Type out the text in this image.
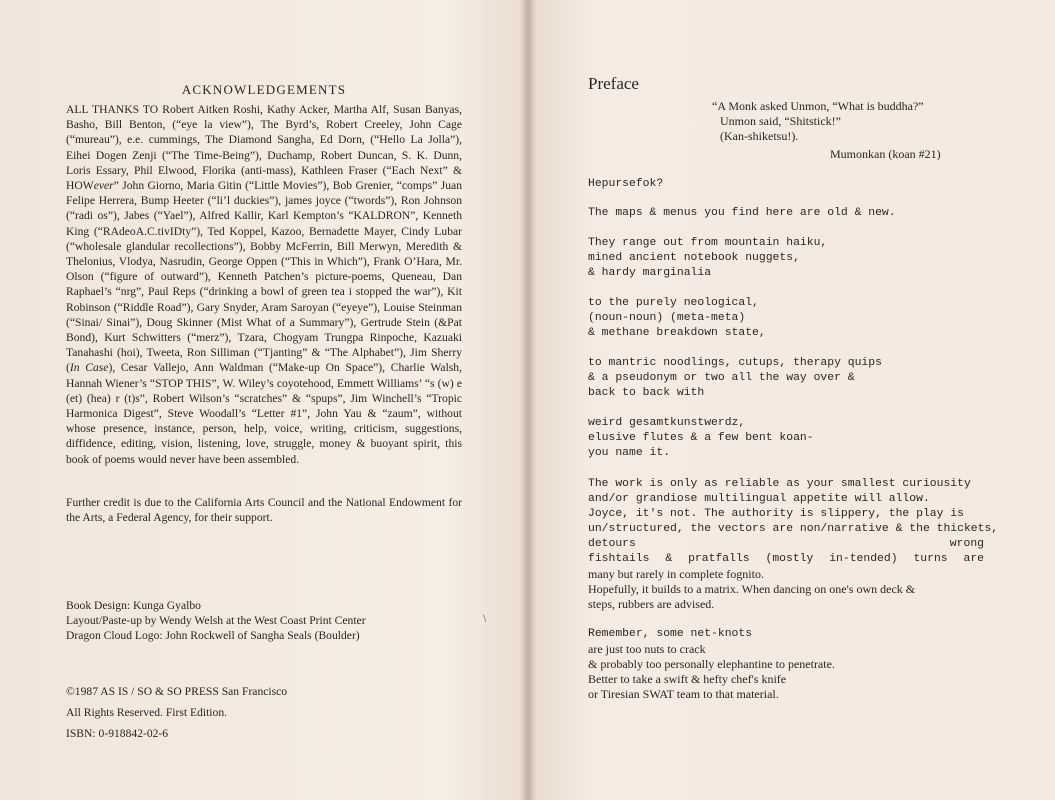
ACKNOWLEDGEMENTS

ALL THANKS TO Robert Aitken Roshi, Kathy Acker, Martha Alf, Susan Banyas, Basho, Bill Benton, (“eye la view”), The Byrd’s, Robert Creeley, John Cage (“mureau”), e.e. cummings, The Diamond Sangha, Ed Dorn, (“Hello La Jolla”), Eihei Dogen Zenji (“The Time-Being”), Duchamp, Robert Duncan, S. K. Dunn, Loris Essary, Phil Elwood, Florika (anti-mass), Kathleen Fraser (“Each Next” & HOWever” John Giorno, Maria Gitin (“Little Movies”), Bob Grenier, “comps” Juan Felipe Herrera, Bump Heeter (“li’l duckies”), james joyce (“twords”), Ron Johnson (“radi os”), Jabes (“Yael”), Alfred Kallir, Karl Kempton’s “KALDRON”, Kenneth King (“RAdeoA.C.tivIDty”), Ted Koppel, Kazoo, Bernadette Mayer, Cindy Lubar (“wholesale glandular recollections”), Bobby McFerrin, Bill Merwyn, Meredith & Thelonius, Vlodya, Nasrudin, George Oppen (“This in Which”), Frank O’Hara, Mr. Olson (“figure of outward”), Kenneth Patchen’s picture-poems, Queneau, Dan Raphael’s “nrg”, Paul Reps (“drinking a bowl of green tea i stopped the war”), Kit Robinson (“Riddle Road”), Gary Snyder, Aram Saroyan (“eyeye”), Louise Steinman (“Sinai/ Sinai”), Doug Skinner (Mist What of a Summary”), Gertrude Stein (&Pat Bond), Kurt Schwitters (“merz”), Tzara, Chogyam Trungpa Rinpoche, Kazuaki Tanahashi (hoi), Tweeta, Ron Silliman (“Tjanting” & “The Alphabet”), Jim Sherry (In Case), Cesar Vallejo, Ann Waldman (“Make-up On Space”), Charlie Walsh, Hannah Wiener’s “STOP THIS”, W. Wiley’s coyotehood, Emmett Williams’ “s (w) e (et) (hea) r (t)s”, Robert Wilson’s “scratches” & “spups”, Jim Winchell’s “Tropic Harmonica Digest”, Steve Woodall’s “Letter #1”, John Yau & “zaum”, without whose presence, instance, person, help, voice, writing, criticism, suggestions, diffidence, editing, vision, listening, love, struggle, money & buoyant spirit, this book of poems would never have been assembled.

Further credit is due to the California Arts Council and the National Endowment for the Arts, a Federal Agency, for their support.

Book Design: Kunga Gyalbo
Layout/Paste-up by Wendy Welsh at the West Coast Print Center
Dragon Cloud Logo: John Rockwell of Sangha Seals (Boulder)
\
©1987 AS IS / SO & SO PRESS San Francisco
All Rights Reserved. First Edition.
ISBN: 0-918842-02-6
Preface
“A Monk asked Unmon, “What is buddha?”
Unmon said, “Shitstick!”
(Kan-shiketsu!).
Mumonkan (koan #21)
Hepursefok?
The maps & menus you find here are old & new.
They range out from mountain haiku,
mined ancient notebook nuggets,
& hardy marginalia
to the purely neological,
(noun-noun) (meta-meta)
& methane breakdown state,
to mantric noodlings, cutups, therapy quips
& a pseudonym or two all the way over &
back to back with
weird gesamtkunstwerdz,
elusive flutes & a few bent koan-
you name it.
The work is only as reliable as your smallest curiousity
and/or grandiose multilingual appetite will allow.
Joyce, it's not. The authority is slippery, the play is
un/structured, the vectors are non/narrative & the thickets,
detours wrong
fishtails & pratfalls (mostly in-tended) turns are
many but rarely in complete fognito.
Hopefully, it builds to a matrix. When dancing on one's own deck &
steps, rubbers are advised.
Remember, some net-knots
are just too nuts to crack
& probably too personally elephantine to penetrate.
Better to take a swift & hefty chef's knife
or Tiresian SWAT team to that material.
